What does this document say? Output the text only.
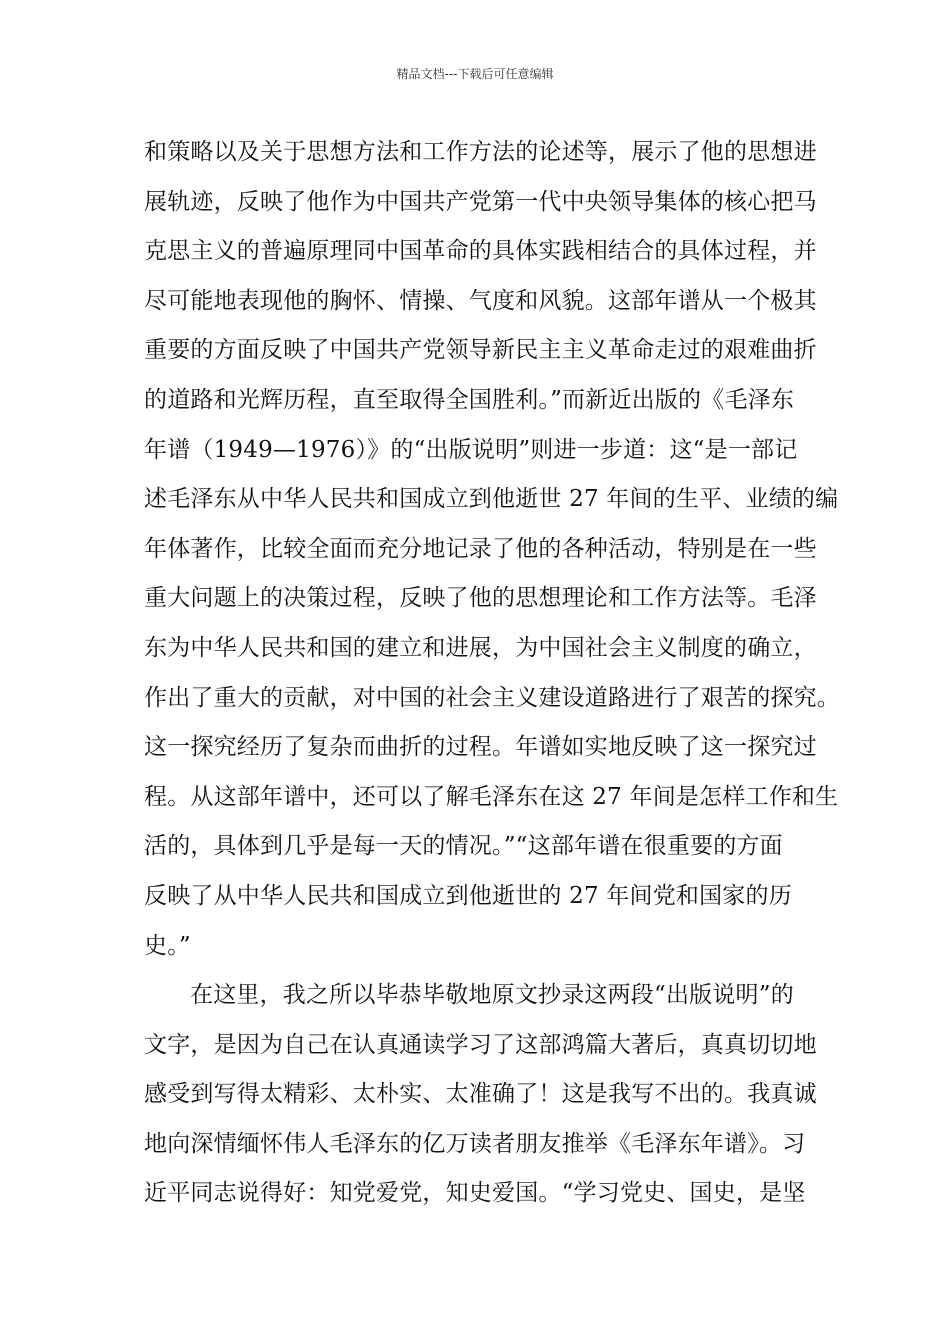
精品文档---下载后可任意编辑
和策略以及关于思想方法和工作方法的论述等，展示了他的思想进
展轨迹，反映了他作为中国共产党第一代中央领导集体的核心把马
克思主义的普遍原理同中国革命的具体实践相结合的具体过程，并
尽可能地表现他的胸怀、情操、气度和风貌。这部年谱从一个极其
重要的方面反映了中国共产党领导新民主主义革命走过的艰难曲折
的道路和光辉历程，直至取得全国胜利。”而新近出版的《毛泽东
年谱（1949—1976）》的“出版说明”则进一步道：这“是一部记
述毛泽东从中华人民共和国成立到他逝世 27 年间的生平、业绩的编
年体著作，比较全面而充分地记录了他的各种活动，特别是在一些
重大问题上的决策过程，反映了他的思想理论和工作方法等。毛泽
东为中华人民共和国的建立和进展，为中国社会主义制度的确立，
作出了重大的贡献，对中国的社会主义建设道路进行了艰苦的探究。
这一探究经历了复杂而曲折的过程。年谱如实地反映了这一探究过
程。从这部年谱中，还可以了解毛泽东在这 27 年间是怎样工作和生
活的，具体到几乎是每一天的情况。”“这部年谱在很重要的方面
反映了从中华人民共和国成立到他逝世的 27 年间党和国家的历
史。”
在这里，我之所以毕恭毕敬地原文抄录这两段“出版说明”的
文字，是因为自己在认真通读学习了这部鸿篇大著后，真真切切地
感受到写得太精彩、太朴实、太准确了！这是我写不出的。我真诚
地向深情缅怀伟人毛泽东的亿万读者朋友推举《毛泽东年谱》。习
近平同志说得好：知党爱党，知史爱国。“学习党史、国史，是坚
